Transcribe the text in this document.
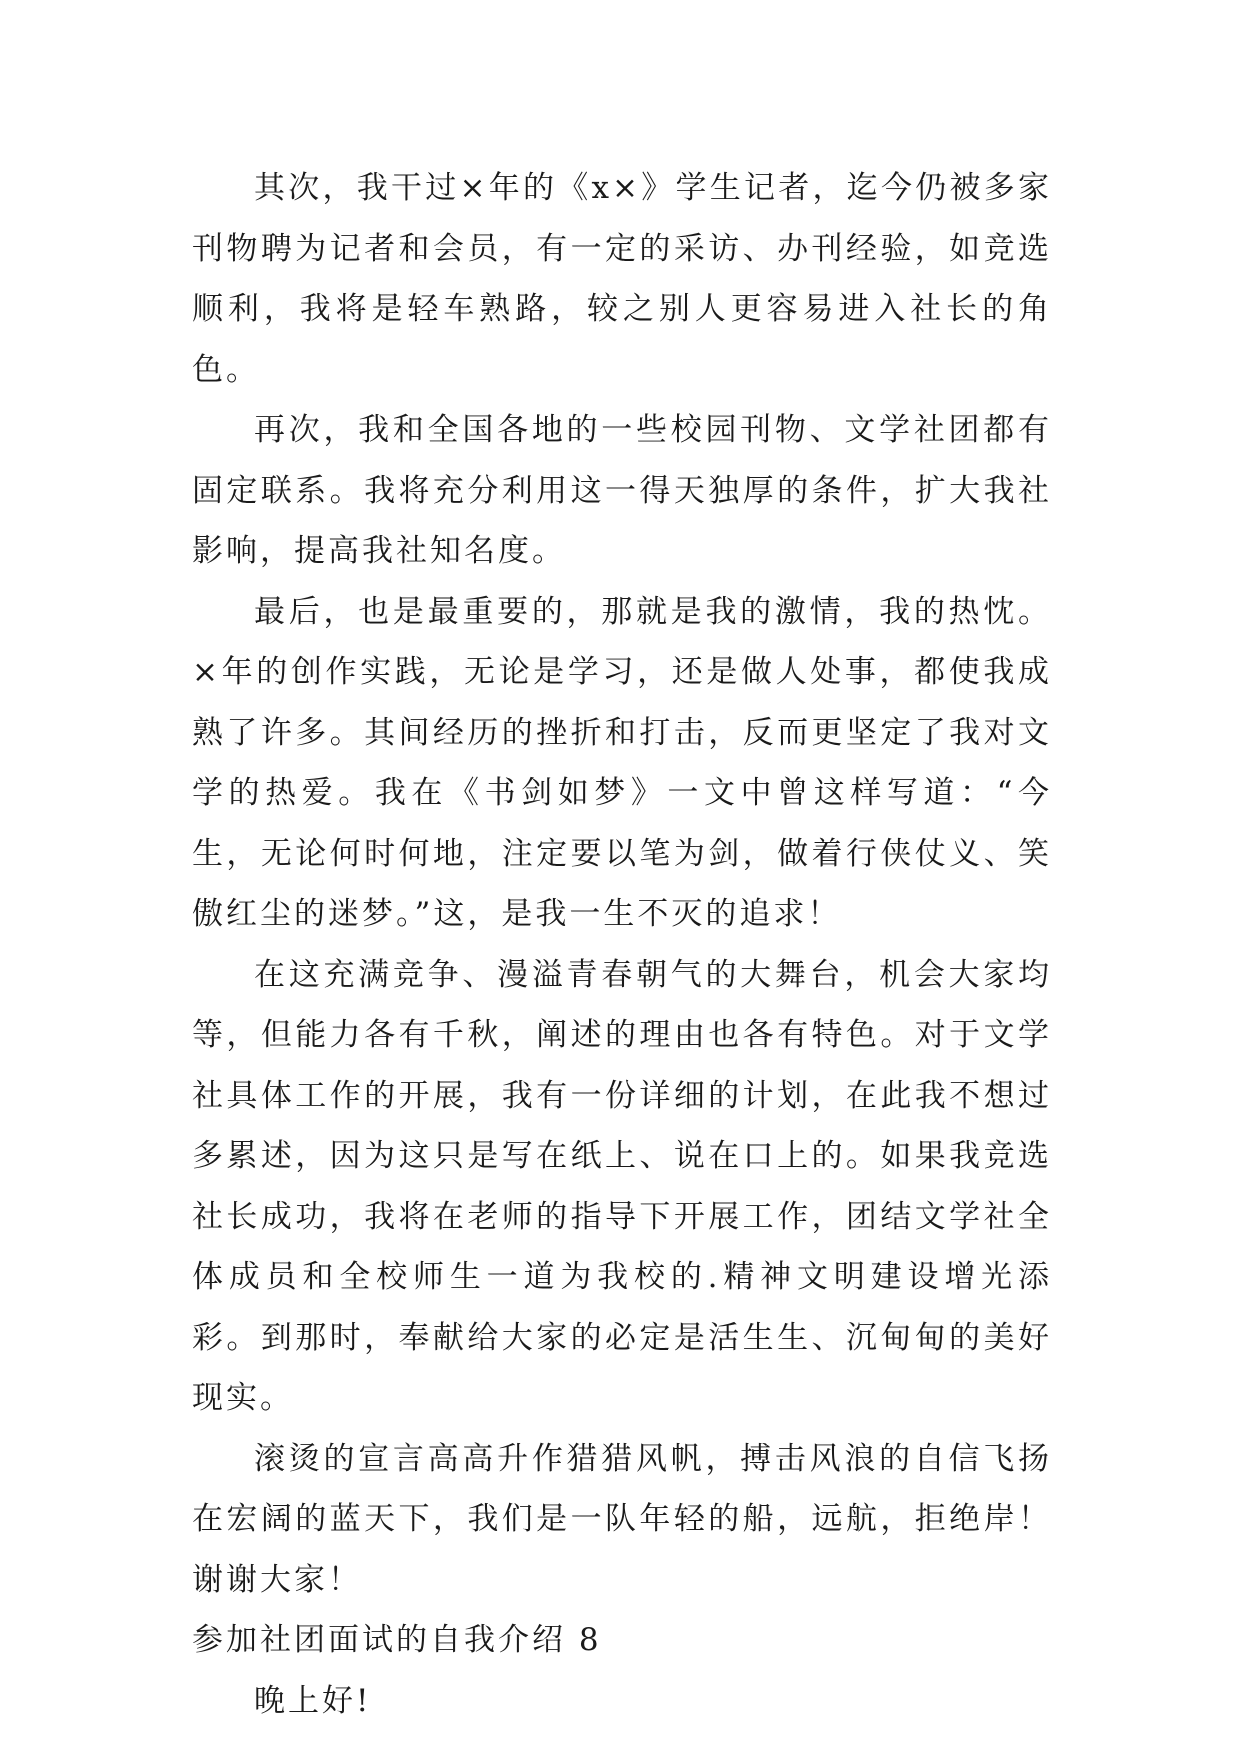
其次，我干过×年的《x×》学生记者，迄今仍被多家刊物聘为记者和会员，有一定的采访、办刊经验，如竞选顺利，我将是轻车熟路，较之别人更容易进入社长的角色。

再次，我和全国各地的一些校园刊物、文学社团都有固定联系。我将充分利用这一得天独厚的条件，扩大我社影响，提高我社知名度。

最后，也是最重要的，那就是我的激情，我的热忱。×年的创作实践，无论是学习，还是做人处事，都使我成熟了许多。其间经历的挫折和打击，反而更坚定了我对文学的热爱。我在《书剑如梦》一文中曾这样写道：“今生，无论何时何地，注定要以笔为剑，做着行侠仗义、笑傲红尘的迷梦。”这，是我一生不灭的追求！

在这充满竞争、漫溢青春朝气的大舞台，机会大家均等，但能力各有千秋，阐述的理由也各有特色。对于文学社具体工作的开展，我有一份详细的计划，在此我不想过多累述，因为这只是写在纸上、说在口上的。如果我竞选社长成功，我将在老师的指导下开展工作，团结文学社全体成员和全校师生一道为我校的.精神文明建设增光添彩。到那时，奉献给大家的必定是活生生、沉甸甸的美好现实。

滚烫的宣言高高升作猎猎风帆，搏击风浪的自信飞扬在宏阔的蓝天下，我们是一队年轻的船，远航，拒绝岸！谢谢大家！

参加社团面试的自我介绍 8

晚上好!
